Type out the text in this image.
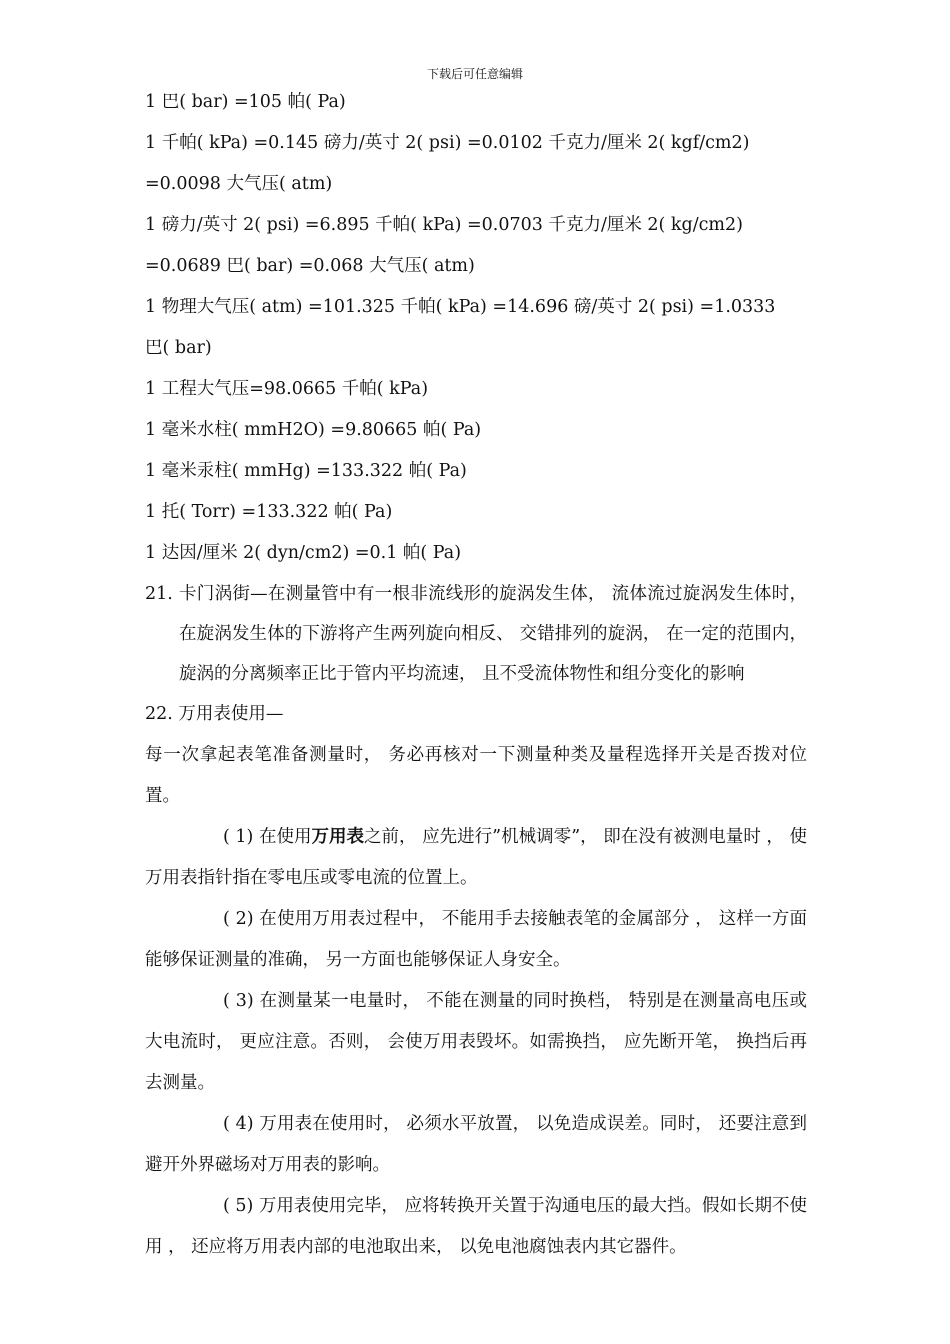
下载后可任意编辑
1 巴( bar) =105 帕( Pa)
1 千帕( kPa) =0.145 磅力/英寸 2( psi) =0.0102 千克力/厘米 2( kgf/cm2)
=0.0098 大气压( atm)
1 磅力/英寸 2( psi) =6.895 千帕( kPa) =0.0703 千克力/厘米 2( kg/cm2)
=0.0689 巴( bar) =0.068 大气压( atm)
1 物理大气压( atm) =101.325 千帕( kPa) =14.696 磅/英寸 2( psi) =1.0333
巴( bar)
1 工程大气压=98.0665 千帕( kPa)
1 毫米水柱( mmH2O) =9.80665 帕( Pa)
1 毫米汞柱( mmHg) =133.322 帕( Pa)
1 托( Torr) =133.322 帕( Pa)
1 达因/厘米 2( dyn/cm2) =0.1 帕( Pa)
21. 卡门涡街—在测量管中有一根非流线形的旋涡发生体， 流体流过旋涡发生体时， 在旋涡发生体的下游将产生两列旋向相反、 交错排列的旋涡， 在一定的范围内， 旋涡的分离频率正比于管内平均流速， 且不受流体物性和组分变化的影响
22. 万用表使用—
每一次拿起表笔准备测量时， 务必再核对一下测量种类及量程选择开关是否拨对位置。
( 1) 在使用万用表之前， 应先进行”机械调零”， 即在没有被测电量时 ， 使万用表指针指在零电压或零电流的位置上。
( 2) 在使用万用表过程中， 不能用手去接触表笔的金属部分 ， 这样一方面能够保证测量的准确， 另一方面也能够保证人身安全。
( 3) 在测量某一电量时， 不能在测量的同时换档， 特别是在测量高电压或大电流时， 更应注意。否则， 会使万用表毁坏。如需换挡， 应先断开笔， 换挡后再去测量。
( 4) 万用表在使用时， 必须水平放置， 以免造成误差。同时， 还要注意到避开外界磁场对万用表的影响。
( 5) 万用表使用完毕， 应将转换开关置于沟通电压的最大挡。假如长期不使用 ， 还应将万用表内部的电池取出来， 以免电池腐蚀表内其它器件。
